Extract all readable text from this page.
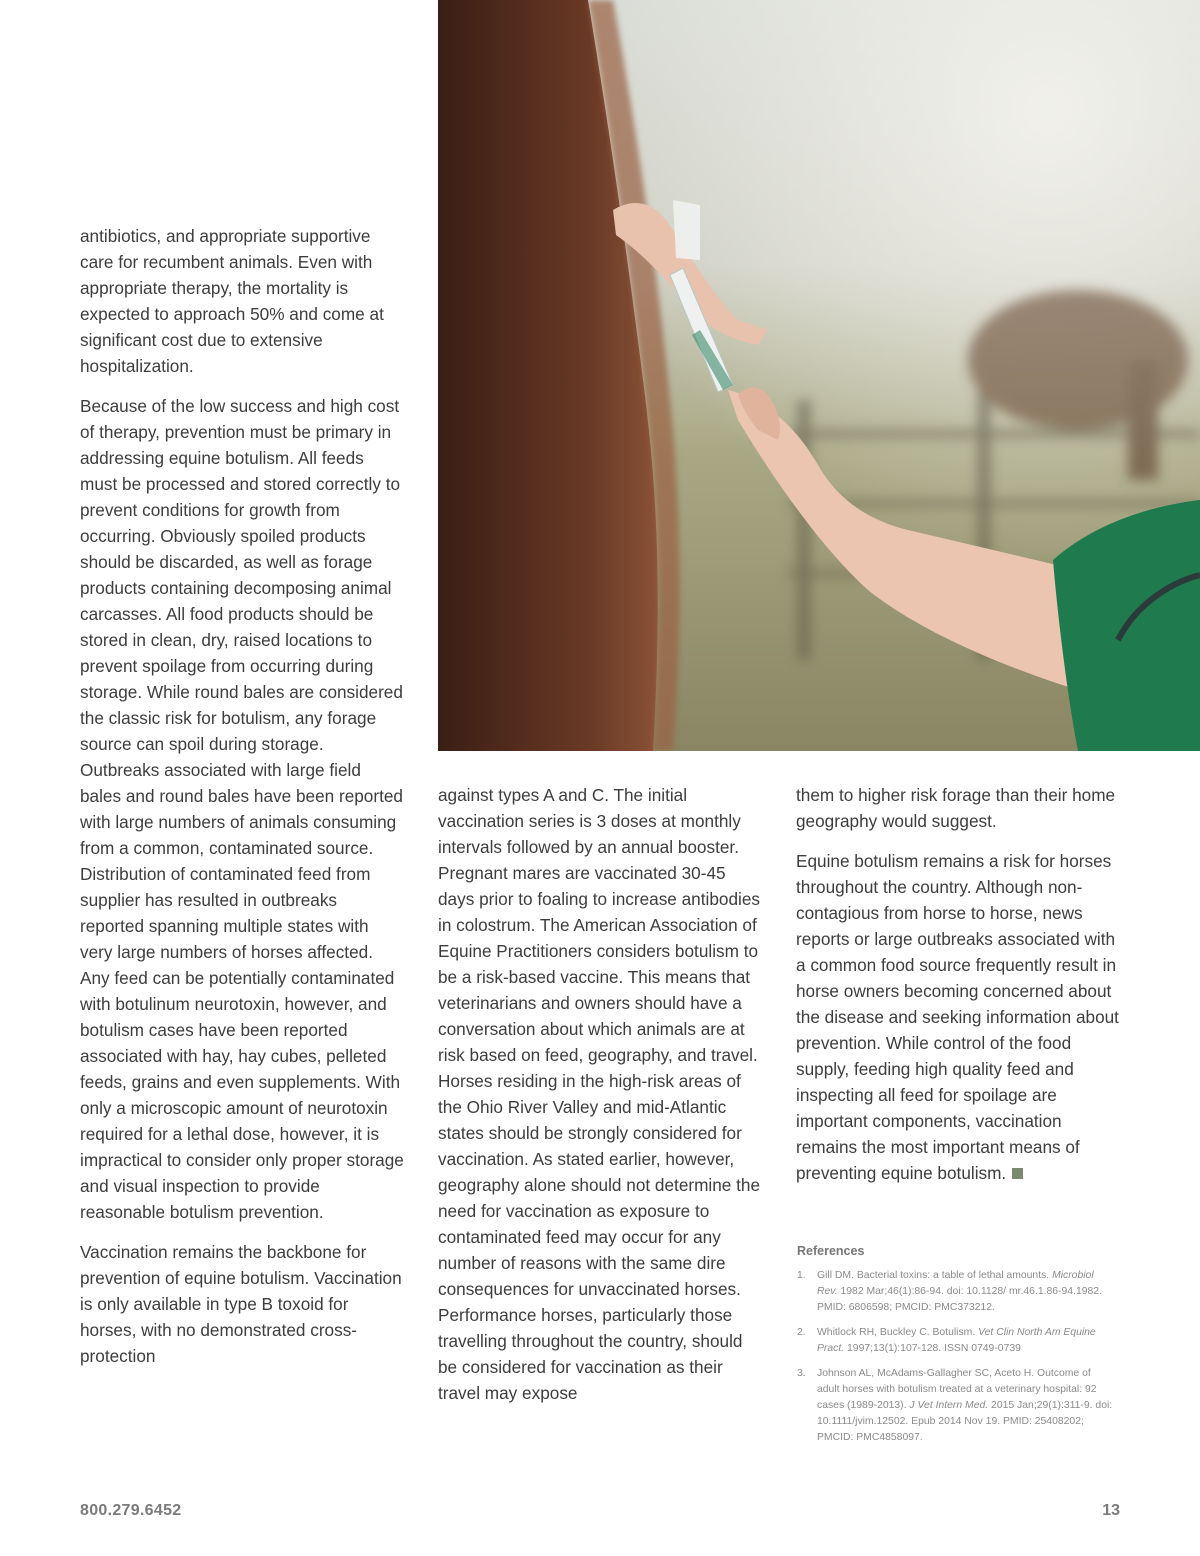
antibiotics, and appropriate supportive care for recumbent animals. Even with appropriate therapy, the mortality is expected to approach 50% and come at significant cost due to extensive hospitalization.

Because of the low success and high cost of therapy, prevention must be primary in addressing equine botulism. All feeds must be processed and stored correctly to prevent conditions for growth from occurring. Obviously spoiled products should be discarded, as well as forage products containing decomposing animal carcasses. All food products should be stored in clean, dry, raised locations to prevent spoilage from occurring during storage. While round bales are considered the classic risk for botulism, any forage source can spoil during storage. Outbreaks associated with large field bales and round bales have been reported with large numbers of animals consuming from a common, contaminated source. Distribution of contaminated feed from supplier has resulted in outbreaks reported spanning multiple states with very large numbers of horses affected. Any feed can be potentially contaminated with botulinum neurotoxin, however, and botulism cases have been reported associated with hay, hay cubes, pelleted feeds, grains and even supplements. With only a microscopic amount of neurotoxin required for a lethal dose, however, it is impractical to consider only proper storage and visual inspection to provide reasonable botulism prevention.

Vaccination remains the backbone for prevention of equine botulism. Vaccination is only available in type B toxoid for horses, with no demonstrated cross-protection

against types A and C. The initial vaccination series is 3 doses at monthly intervals followed by an annual booster. Pregnant mares are vaccinated 30-45 days prior to foaling to increase antibodies in colostrum. The American Association of Equine Practitioners considers botulism to be a risk-based vaccine. This means that veterinarians and owners should have a conversation about which animals are at risk based on feed, geography, and travel. Horses residing in the high-risk areas of the Ohio River Valley and mid-Atlantic states should be strongly considered for vaccination. As stated earlier, however, geography alone should not determine the need for vaccination as exposure to contaminated feed may occur for any number of reasons with the same dire consequences for unvaccinated horses. Performance horses, particularly those travelling throughout the country, should be considered for vaccination as their travel may expose

them to higher risk forage than their home geography would suggest.

Equine botulism remains a risk for horses throughout the country. Although non-contagious from horse to horse, news reports or large outbreaks associated with a common food source frequently result in horse owners becoming concerned about the disease and seeking information about prevention. While control of the food supply, feeding high quality feed and inspecting all feed for spoilage are important components, vaccination remains the most important means of preventing equine botulism.

References
1. Gill DM. Bacterial toxins: a table of lethal amounts. Microbiol Rev. 1982 Mar;46(1):86-94. doi: 10.1128/ mr.46.1.86-94.1982. PMID: 6806598; PMCID: PMC373212.
2. Whitlock RH, Buckley C. Botulism. Vet Clin North Am Equine Pract. 1997;13(1):107-128. ISSN 0749-0739
3. Johnson AL, McAdams-Gallagher SC, Aceto H. Outcome of adult horses with botulism treated at a veterinary hospital: 92 cases (1989-2013). J Vet Intern Med. 2015 Jan;29(1):311-9. doi: 10.1111/jvim.12502. Epub 2014 Nov 19. PMID: 25408202; PMCID: PMC4858097.
800.279.6452	13
